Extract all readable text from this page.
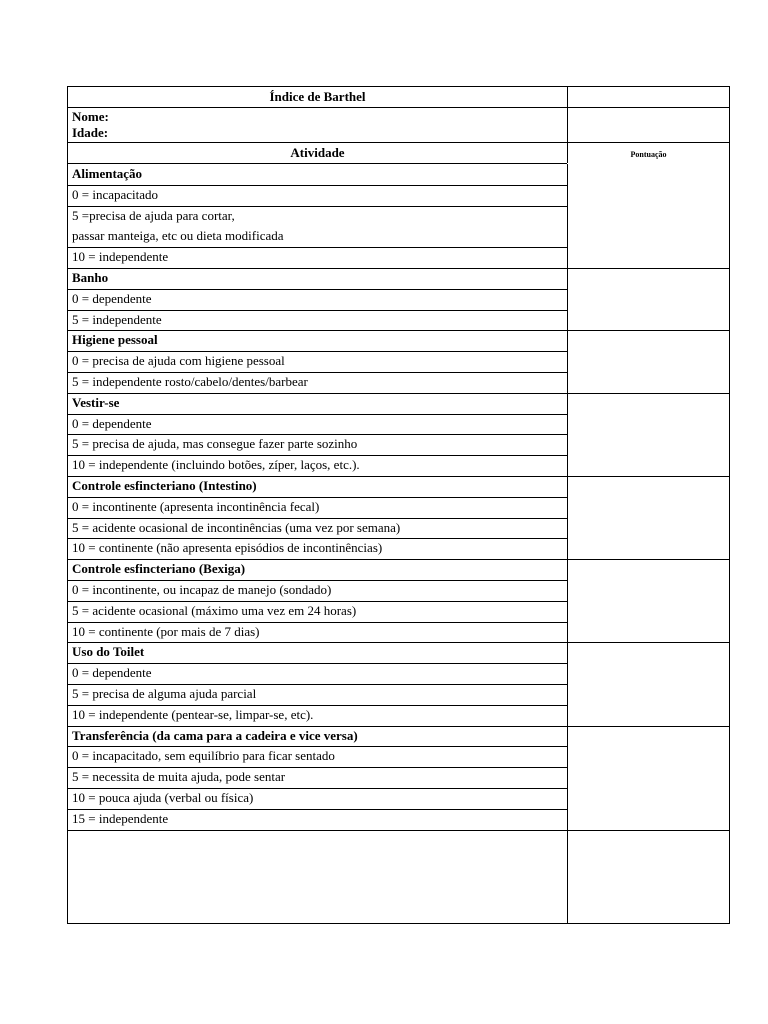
Índice de Barthel
Nome:
Idade:
Atividade	Pontuação
Alimentação
0 = incapacitado
5 =precisa de ajuda para cortar,
passar manteiga, etc ou dieta modificada
10 = independente
Banho
0 = dependente
5 = independente
Higiene pessoal
0 = precisa de ajuda com higiene pessoal
5 = independente rosto/cabelo/dentes/barbear
Vestir-se
0 = dependente
5 = precisa de ajuda, mas consegue fazer parte sozinho
10 = independente (incluindo botões, zíper, laços, etc.).
Controle esfincteriano (Intestino)
0 = incontinente (apresenta incontinência fecal)
5 = acidente ocasional de incontinências (uma vez por semana)
10 = continente (não apresenta episódios de incontinências)
Controle esfincteriano (Bexiga)
0 = incontinente, ou incapaz de manejo (sondado)
5 = acidente ocasional (máximo uma vez em 24 horas)
10 = continente (por mais de 7 dias)
Uso do Toilet
0 = dependente
5 = precisa de alguma ajuda parcial
10 = independente (pentear-se, limpar-se, etc).
Transferência (da cama para a cadeira e vice versa)
0 = incapacitado, sem equilíbrio para ficar sentado
5 = necessita de muita ajuda, pode sentar
10 = pouca ajuda (verbal ou física)
15 = independente
